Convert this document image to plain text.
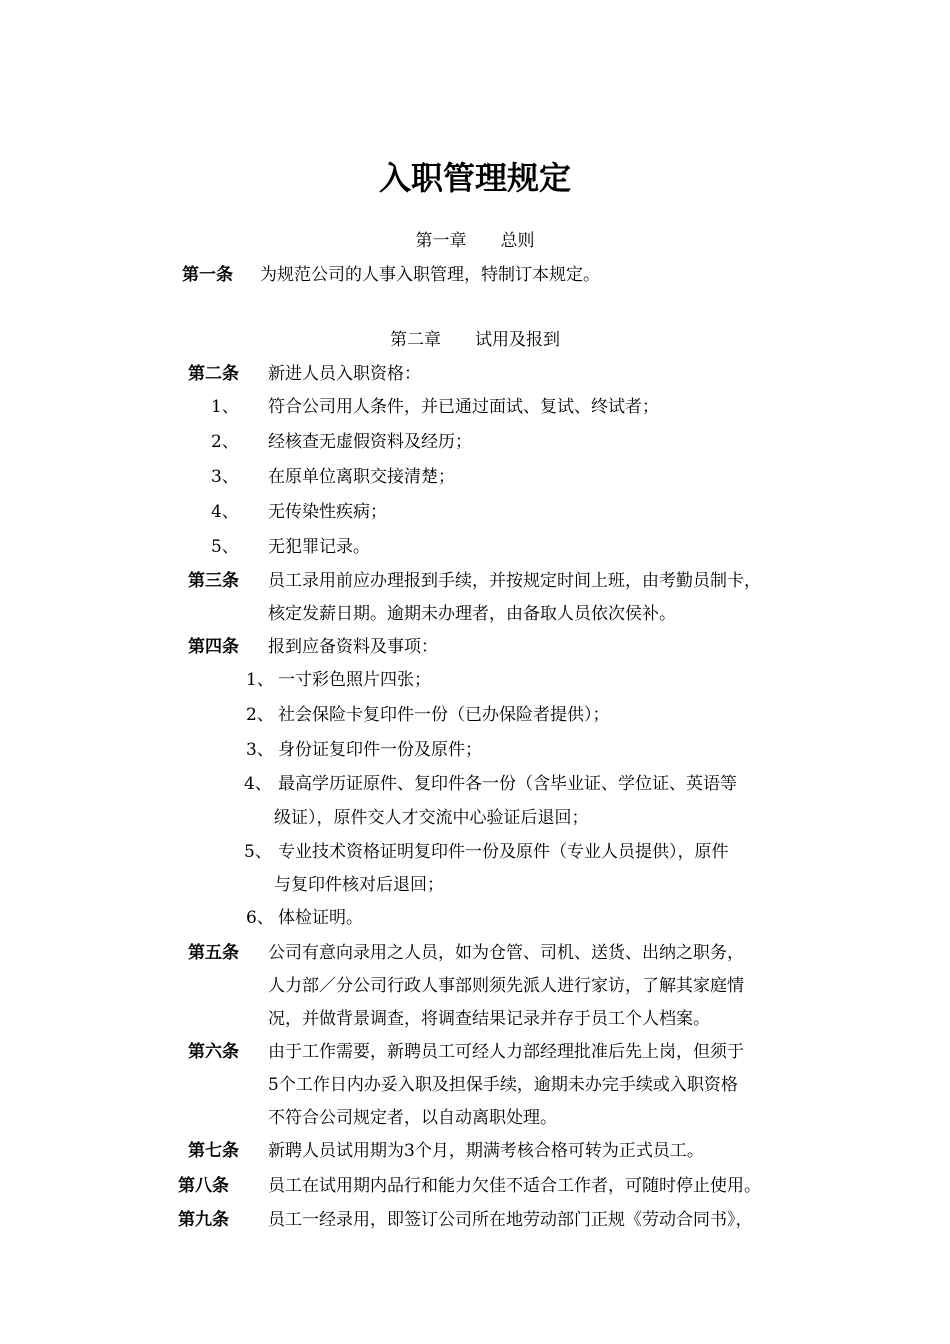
入职管理规定
第一章 总则
第一条 为规范公司的人事入职管理，特制订本规定。
第二章 试用及报到
第二条 新进人员入职资格：
1、 符合公司用人条件，并已通过面试、复试、终试者；
2、 经核查无虚假资料及经历；
3、 在原单位离职交接清楚；
4、 无传染性疾病；
5、 无犯罪记录。
第三条 员工录用前应办理报到手续，并按规定时间上班，由考勤员制卡，
核定发薪日期。逾期未办理者，由备取人员依次侯补。
第四条 报到应备资料及事项：
1、 一寸彩色照片四张；
2、 社会保险卡复印件一份（已办保险者提供）；
3、 身份证复印件一份及原件；
4、 最高学历证原件、复印件各一份（含毕业证、学位证、英语等
级证），原件交人才交流中心验证后退回；
5、 专业技术资格证明复印件一份及原件（专业人员提供），原件
与复印件核对后退回；
6、 体检证明。
第五条 公司有意向录用之人员，如为仓管、司机、送货、出纳之职务，
人力部／分公司行政人事部则须先派人进行家访，了解其家庭情
况，并做背景调查，将调查结果记录并存于员工个人档案。
第六条 由于工作需要，新聘员工可经人力部经理批准后先上岗，但须于
5个工作日内办妥入职及担保手续，逾期未办完手续或入职资格
不符合公司规定者，以自动离职处理。
第七条 新聘人员试用期为3个月，期满考核合格可转为正式员工。
第八条 员工在试用期内品行和能力欠佳不适合工作者，可随时停止使用。
第九条 员工一经录用，即签订公司所在地劳动部门正规《劳动合同书》，
